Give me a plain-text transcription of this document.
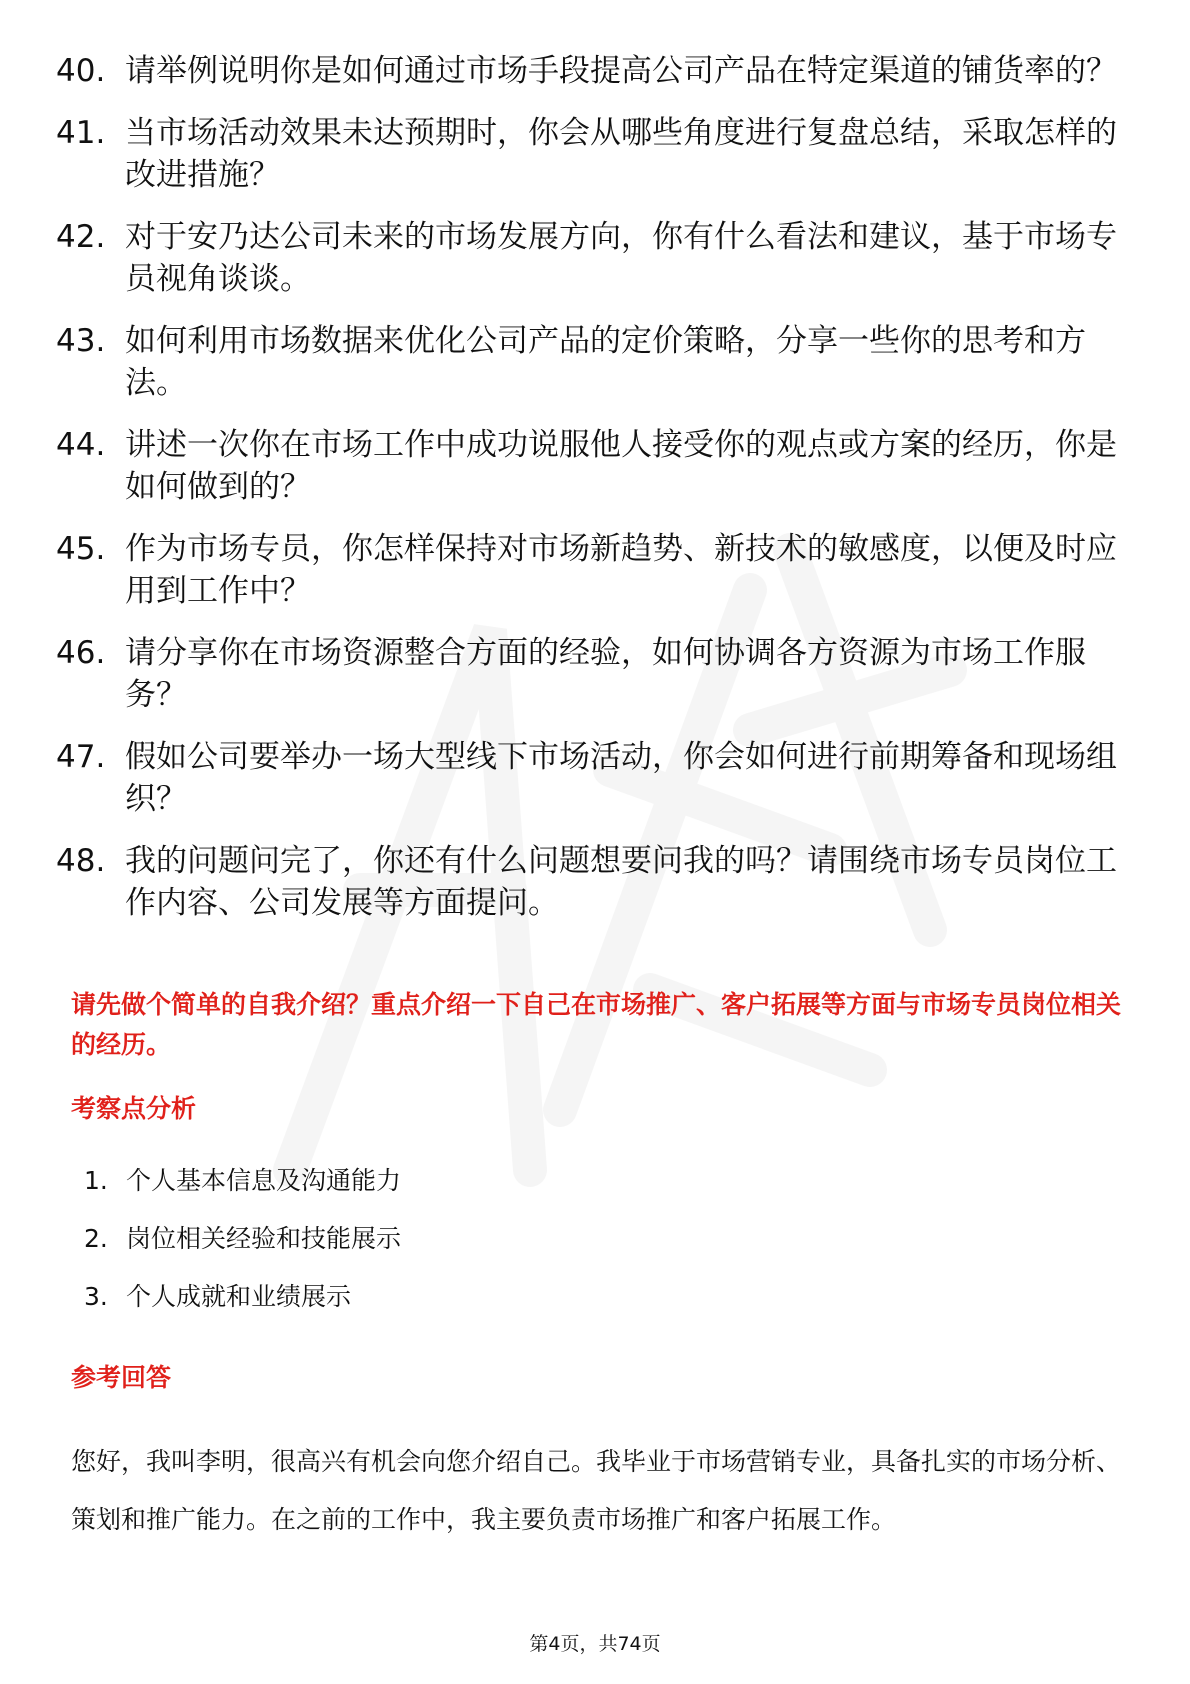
40. 请举例说明你是如何通过市场手段提高公司产品在特定渠道的铺货率的？
41. 当市场活动效果未达预期时，你会从哪些角度进行复盘总结，采取怎样的改进措施？
42. 对于安乃达公司未来的市场发展方向，你有什么看法和建议，基于市场专员视角谈谈。
43. 如何利用市场数据来优化公司产品的定价策略，分享一些你的思考和方法。
44. 讲述一次你在市场工作中成功说服他人接受你的观点或方案的经历，你是如何做到的？
45. 作为市场专员，你怎样保持对市场新趋势、新技术的敏感度，以便及时应用到工作中？
46. 请分享你在市场资源整合方面的经验，如何协调各方资源为市场工作服务？
47. 假如公司要举办一场大型线下市场活动，你会如何进行前期筹备和现场组织？
48. 我的问题问完了，你还有什么问题想要问我的吗？请围绕市场专员岗位工作内容、公司发展等方面提问。
请先做个简单的自我介绍？重点介绍一下自己在市场推广、客户拓展等方面与市场专员岗位相关的经历。
考察点分析
1. 个人基本信息及沟通能力
2. 岗位相关经验和技能展示
3. 个人成就和业绩展示
参考回答
您好，我叫李明，很高兴有机会向您介绍自己。我毕业于市场营销专业，具备扎实的市场分析、策划和推广能力。在之前的工作中，我主要负责市场推广和客户拓展工作。
第4页，共74页
